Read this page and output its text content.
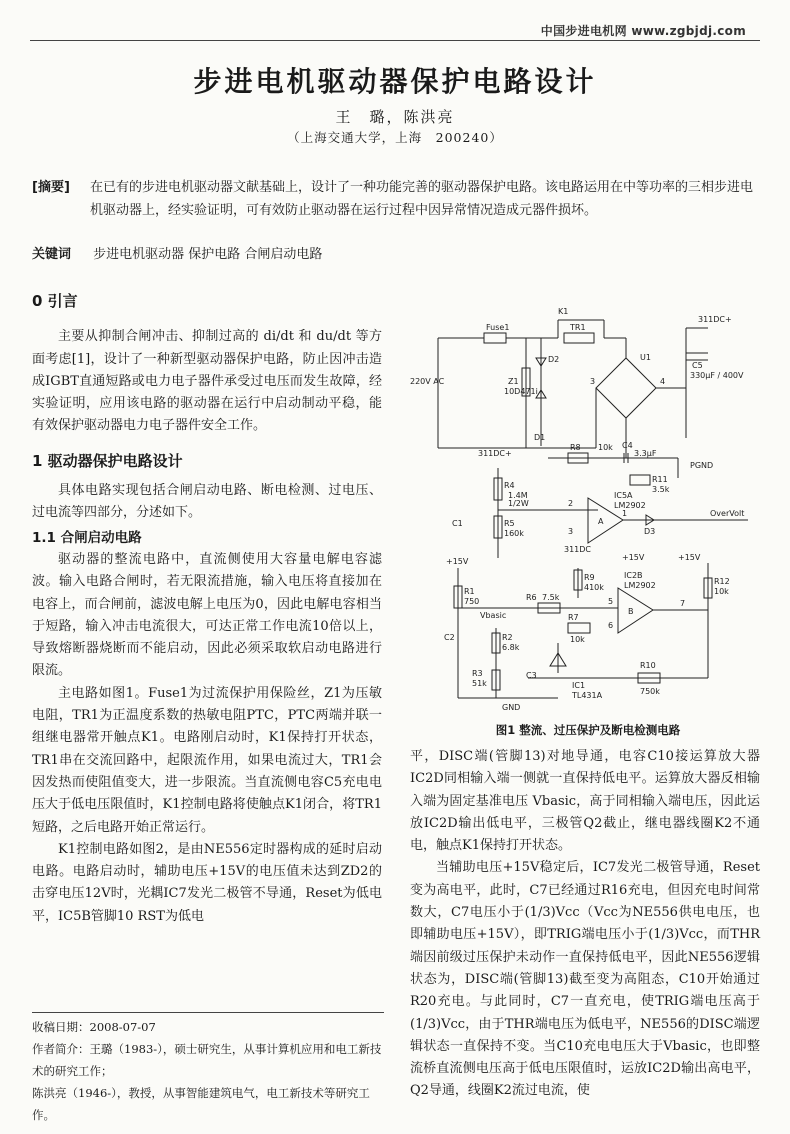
中国步进电机网 www.zgbjdj.com
步进电机驱动器保护电路设计
王　璐，陈洪亮
（上海交通大学，上海　200240）
[摘要] 在已有的步进电机驱动器文献基础上，设计了一种功能完善的驱动器保护电路。该电路运用在中等功率的三相步进电机驱动器上，经实验证明，可有效防止驱动器在运行过程中因异常情况造成元器件损坏。
关键词 步进电机驱动器 保护电路 合闸启动电路

0 引言

主要从抑制合闸冲击、抑制过高的 di/dt 和 du/dt 等方面考虑[1]，设计了一种新型驱动器保护电路，防止因冲击造成IGBT直通短路或电力电子器件承受过电压而发生故障，经实验证明，应用该电路的驱动器在运行中启动制动平稳，能有效保护驱动器电力电子器件安全工作。

1 驱动器保护电路设计

具体电路实现包括合闸启动电路、断电检测、过电压、过电流等四部分，分述如下。

1.1 合闸启动电路

驱动器的整流电路中，直流侧使用大容量电解电容滤波。输入电路合闸时，若无限流措施，输入电压将直接加在电容上，而合闸前，滤波电解上电压为0，因此电解电容相当于短路，输入冲击电流很大，可达正常工作电流10倍以上，导致熔断器烧断而不能启动，因此必须采取软启动电路进行限流。

主电路如图1。Fuse1为过流保护用保险丝，Z1为压敏电阻，TR1为正温度系数的热敏电阻PTC，PTC两端并联一组继电器常开触点K1。电路刚启动时，K1保持打开状态，TR1串在交流回路中，起限流作用，如果电流过大，TR1会因发热而使阻值变大，进一步限流。当直流侧电容C5充电电压大于低电压限值时，K1控制电路将使触点K1闭合，将TR1短路，之后电路开始正常运行。

K1控制电路如图2，是由NE556定时器构成的延时启动电路。电路启动时，辅助电压+15V的电压值未达到ZD2的击穿电压12V时，光耦IC7发光二极管不导通，Reset为低电平，IC5B管脚10 RST为低电

收稿日期：2008-07-07
作者简介：王璐（1983-），硕士研究生，从事计算机应用和电工新技术的研究工作；
陈洪亮（1946-），教授，从事智能建筑电气，电工新技术等研究工作。
K1
Fuse1	TR1
311DC+
D2	U1
C5
330μF / 400V
220V AC	Z1
10D471i
D1
3	4
R8 10k C4
3.3μF
PGND
311DC+
R11
3.5k
R4
1.4M
1/2W
IC5A
LM2902
C1	R5
160k
OverVolt
D3
311DC
+15V	+15V	+15V
R9
410k
IC2B
LM2902	R12
10k
R1
750	R6 7.5k
Vbasic
C2	R2
6.8k
R7
10k
C3
R3
51k	IC1
TL431A
R10
750k
GND
2
3
1
5
6
7
A
B
图1 整流、过压保护及断电检测电路

平，DISC端(管脚13)对地导通，电容C10接运算放大器IC2D同相输入端一侧就一直保持低电平。运算放大器反相输入端为固定基准电压 Vbasic，高于同相输入端电压，因此运放IC2D输出低电平，三极管Q2截止，继电器线圈K2不通电，触点K1保持打开状态。

当辅助电压+15V稳定后，IC7发光二极管导通，Reset变为高电平，此时，C7已经通过R16充电，但因充电时间常数大，C7电压小于(1/3)Vcc（Vcc为NE556供电电压，也即辅助电压+15V），即TRIG端电压小于(1/3)Vcc，而THR端因前级过压保护未动作一直保持低电平，因此NE556逻辑状态为，DISC端(管脚13)截至变为高阻态，C10开始通过R20充电。与此同时，C7一直充电，使TRIG端电压高于(1/3)Vcc，由于THR端电压为低电平，NE556的DISC端逻辑状态一直保持不变。当C10充电电压大于Vbasic，也即整流桥直流侧电压高于低电压限值时，运放IC2D输出高电平，Q2导通，线圈K2流过电流，使
